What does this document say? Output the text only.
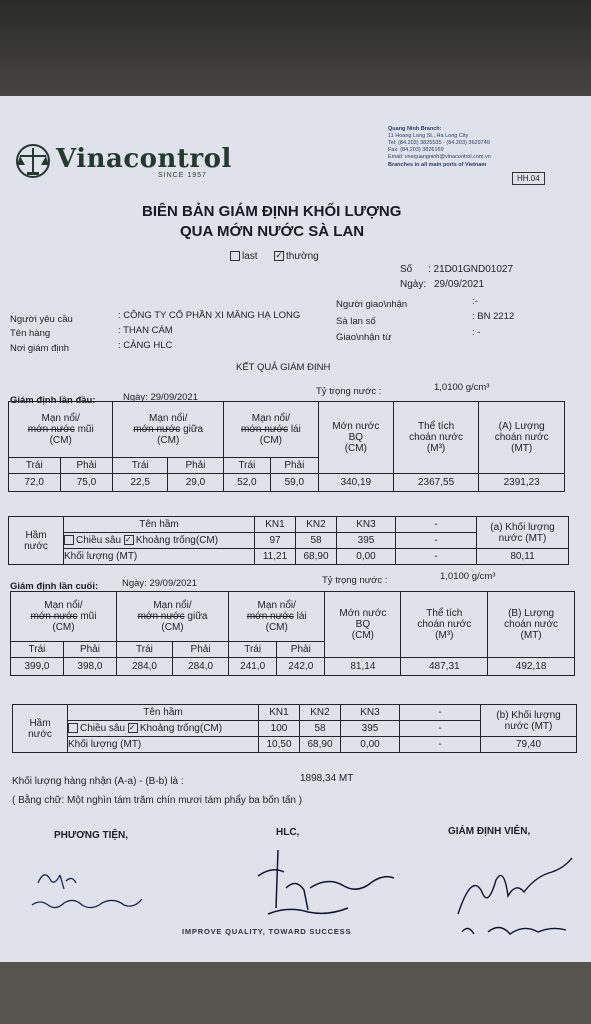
Vinacontrol
SINCE 1957
Quang Ninh Branch:
11 Hoang Long St., Ha Long City
Tel: (84.203) 3825535 - (84.203) 3629749
Fax: (84.203) 3826169
Email: vnequangninh@vinacontrol.com.vn
Branches in all main ports of Vietnam
HH.04
BIÊN BẢN GIÁM ĐỊNH KHỐI LƯỢNG
QUA MỚN NƯỚC SÀ LAN
last ✓ thường
Số : 21D01GND01027
Ngày: 29/09/2021
Người yêu cầu	: CÔNG TY CỔ PHẦN XI MĂNG HẠ LONG
Tên hàng	: THAN CÁM
Nơi giám định	: CẢNG HLC
Người giao\nhận	:-
Sà lan số	: BN 2212
Giao\nhận từ	: -
KẾT QUẢ GIÁM ĐỊNH
Giám định lần đầu:	Ngày: 29/09/2021
Tỷ trọng nước :	1,0100 g/cm³
Mạn nổi/
mớn nước mũi
(CM)		Mạn nổi/
mớn nước giữa
(CM)		Mạn nổi/
mớn nước lái
(CM)		Mớn nước
BQ
(CM)	Thể tích
choán nước
(M³)	(A) Lượng
choán nước
(MT)
Trái	Phải	Trái	Phải	Trái	Phải			
72,0	75,0	22,5	29,0	52,0	59,0	340,19	2367,55	2391,23
Hầm
nước	Tên hầm	KN1	KN2	KN3	-	(a) Khối lượng
nước (MT)
	Chiều sâu ✓ Khoảng trống(CM)	97	58	395	-	
	Khối lượng (MT)	11,21	68,90	0,00	-	80,11
Giám định lần cuối:	Ngày: 29/09/2021	Tỷ trọng nước :	1,0100 g/cm³
Mạn nổi/
mớn nước mũi
(CM)		Mạn nổi/
mớn nước giữa
(CM)		Mạn nổi/
mớn nước lái
(CM)		Mớn nước
BQ
(CM)	Thể tích
choán nước
(M³)	(B) Lượng
choán nước
(MT)
Trái	Phải	Trái	Phải	Trái	Phải			
399,0	398,0	284,0	284,0	241,0	242,0	81,14	487,31	492,18
Hầm
nước	Tên hầm	KN1	KN2	KN3	-	(b) Khối lượng
nước (MT)
	Chiều sâu ✓ Khoảng trống(CM)	100	58	395	-	
	Khối lượng (MT)	10,50	68,90	0,00	-	79,40
Khối lượng hàng nhận (A-a) - (B-b) là :	1898,34 MT
( Bằng chữ: Một nghìn tám trăm chín mươi tám phẩy ba bốn tấn )
PHƯƠNG TIỆN,	HLC,	GIÁM ĐỊNH VIÊN,
IMPROVE QUALITY, TOWARD SUCCESS
